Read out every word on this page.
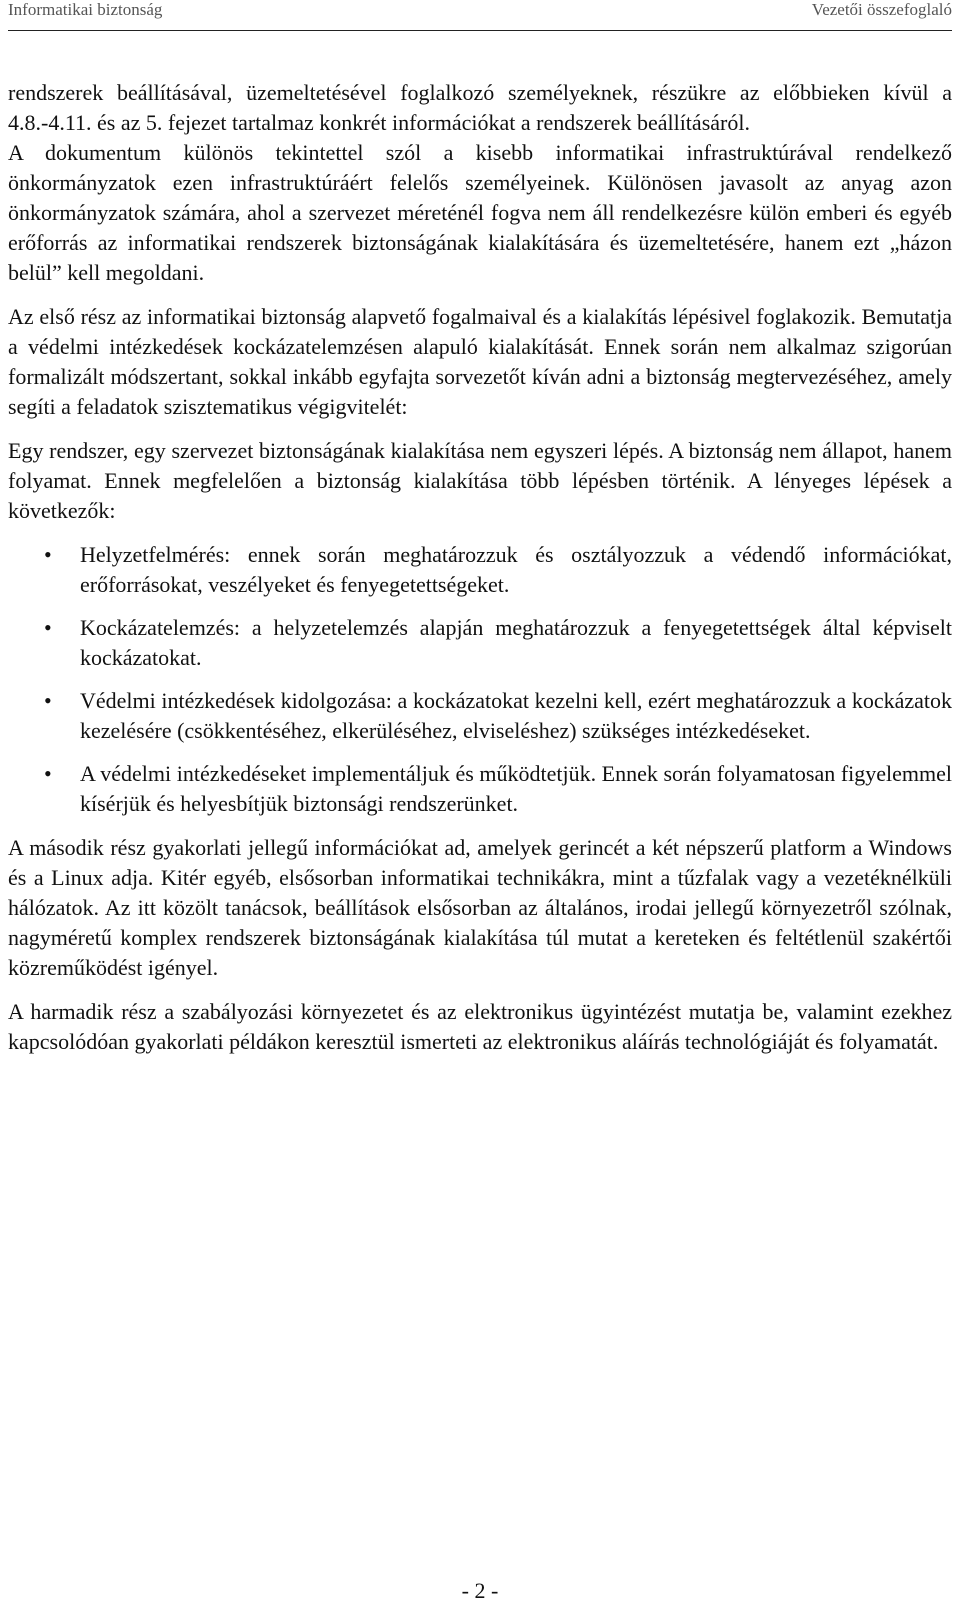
Informatikai biztonság	Vezetői összefoglaló

rendszerek beállításával, üzemeltetésével foglalkozó személyeknek, részükre az előbbieken kívül a 4.8.-4.11. és az 5. fejezet tartalmaz konkrét információkat a rendszerek beállításáról.

A dokumentum különös tekintettel szól a kisebb informatikai infrastruktúrával rendelkező önkormányzatok ezen infrastruktúráért felelős személyeinek. Különösen javasolt az anyag azon önkormányzatok számára, ahol a szervezet méreténél fogva nem áll rendelkezésre külön emberi és egyéb erőforrás az informatikai rendszerek biztonságának kialakítására és üzemeltetésére, hanem ezt „házon belül” kell megoldani.

Az első rész az informatikai biztonság alapvető fogalmaival és a kialakítás lépésivel foglakozik. Bemutatja a védelmi intézkedések kockázatelemzésen alapuló kialakítását. Ennek során nem alkalmaz szigorúan formalizált módszertant, sokkal inkább egyfajta sorvezetőt kíván adni a biztonság megtervezéséhez, amely segíti a feladatok szisztematikus végigvitelét:

Egy rendszer, egy szervezet biztonságának kialakítása nem egyszeri lépés. A biztonság nem állapot, hanem folyamat. Ennek megfelelően a biztonság kialakítása több lépésben történik. A lényeges lépések a következők:

• Helyzetfelmérés: ennek során meghatározzuk és osztályozzuk a védendő információkat, erőforrásokat, veszélyeket és fenyegetettségeket.
• Kockázatelemzés: a helyzetelemzés alapján meghatározzuk a fenyegetettségek által képviselt kockázatokat.
• Védelmi intézkedések kidolgozása: a kockázatokat kezelni kell, ezért meghatározzuk a kockázatok kezelésére (csökkentéséhez, elkerüléséhez, elviseléshez) szükséges intézkedéseket.
• A védelmi intézkedéseket implementáljuk és működtetjük. Ennek során folyamatosan figyelemmel kísérjük és helyesbítjük biztonsági rendszerünket.

A második rész gyakorlati jellegű információkat ad, amelyek gerincét a két népszerű platform a Windows és a Linux adja. Kitér egyéb, elsősorban informatikai technikákra, mint a tűzfalak vagy a vezetéknélküli hálózatok. Az itt közölt tanácsok, beállítások elsősorban az általános, irodai jellegű környezetről szólnak, nagyméretű komplex rendszerek biztonságának kialakítása túl mutat a kereteken és feltétlenül szakértői közreműködést igényel.

A harmadik rész a szabályozási környezetet és az elektronikus ügyintézést mutatja be, valamint ezekhez kapcsolódóan gyakorlati példákon keresztül ismerteti az elektronikus aláírás technológiáját és folyamatát.

- 2 -
